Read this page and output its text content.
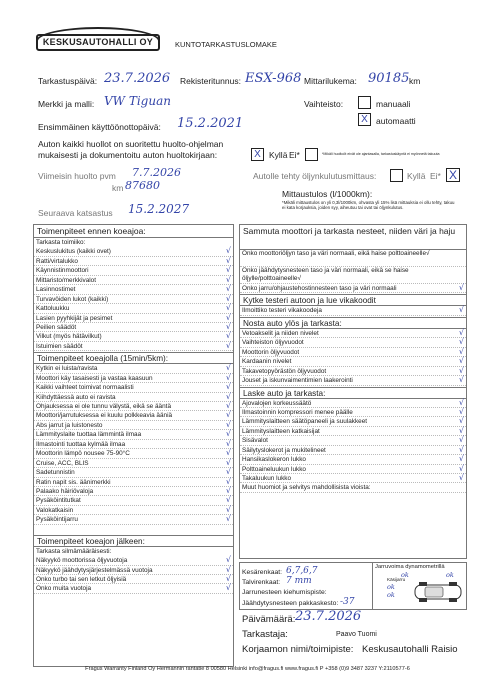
KESKUSAUTOHALLI OY	KUNTOTARKASTUSLOMAKE
Tarkastuspäivä: 23.7.2026 Rekisteritunnus: ESX-968 Mittarilukema: 90185 km
Merkki ja malli: VW Tiguan	Vaihteisto:	manuaali
X automaatti
Ensimmäinen käyttöönottopäivä: 15.2.2021
Auton kaikki huollot on suoritettu huolto-ohjelman
mukaisesti ja dokumentoitu auton huoltokirjaan:	X Kyllä Ei*	*Mikäli huoltoöt eivät ole ajantasalla, tarkastuskäyntä ei myönnetä takuuta
Viimeisin huolto pvm 7.7.2026
km 87680
Autolle tehty öljynkulutusmittaus:	Kyllä Ei* X
Mittaustulos (l/1000km):
*Mikäli mittaustulos on yli 0,3l/1000km, ohvasta yli 15% lisä mittauksia ei ollu tehty, takuu
ei kata korjauksia, joiden syy, aiheutuu tai ovat tai öljynkulutus.
Seuraava katsastus 15.2.2027
Toimenpiteet ennen koeajoa:
Tarkasta toimiiko:
Keskuslukitus (kaikki ovet)	√
Ratti/virtalukko	√
Käynnistinmoottori	√
Mittaristo/merkkivalot	√
Lasinnostimet	√
Turvavöiden lukot (kaikki)	√
Kattoluukku	√
Lasien pyyhkijät ja pesimet	√
Peilien säädöt	√
Vilkut (myös hätävilkut)	√
Istuimien säädöt	√
Toimenpiteet koeajolla (15min/5km):
Kytkin ei luista/ravista	√
Moottori käy tasaisesti ja vastaa kaasuun	√
Kaikki vaihteet toimivat normaalisti	√
Kiihdyttäessä auto ei ravista	√
Ohjauksessa ei ole tunnu välystä, eikä se ääntä	√
Moottori/jarrutuksessa ei kuulu polkkeavia ääniä	√
Abs jarrut ja luistonesto	√
Lämmityslaite tuottaa lämmintä ilmaa	√
Ilmastointi tuottaa kylmää ilmaa	√
Moottorin lämpö nousee 75-90°C	√
Cruise, ACC, BLIS	√
Sadetunnistin	√
Ratin napit sis. äänimerkki	√
Palaako häiriövaloja	√
Pysäköintitutkat	√
Valokatkaisin	√
Pysäköintijarru	√
Toimenpiteet koeajon jälkeen:
Tarkasta silmämääräisesti:
Näkyykö moottorissa öljyvuotoja	√
Näkyykö jäähdytysjärjestelmässä vuotoja	√
Onko turbo tai sen letkut öljyisiä	√
Onko muita vuotoja	√
Sammuta moottori ja tarkasta nesteet, niiden väri ja haju
Onko moottoriöljyn taso ja väri normaali, eikä haise polttoaineelle√
Onko jäähdytysnesteen taso ja väri normaali, eikä se haise öljylle/polttoaineelle√
Onko jarru/ohjaustehostinnesteen taso ja väri normaali	√
Kytke testeri autoon ja lue vikakoodit
Ilmoittiko testeri vikakoodeja	√
Nosta auto ylös ja tarkasta:
Vetoakselit ja niiden nivelet	√
Vaihteiston öljyvuodot	√
Moottorin öljyvuodot	√
Kardaanin nivelet	√
Takavetopyörästön öljyvuodot	√
Jouset ja iskunvaimentimien laakerointi	√
Laske auto ja tarkasta:
Ajovalojen korkeussäätö	√
Ilmastoinnin kompressori menee päälle	√
Lämmityslaitteen säätöpaneeli ja suulakkeet	√
Lämmityslaitteen katkaisijat	√
Sisävalot	√
Säilytyslokerot ja mukitelineet	√
Hansikaslokeron lukko	√
Polttoaineluukun lukko	√
Takaluukun lukko	√
Muut huomiot ja selvitys mahdollisista vioista:
Kesärenkaat: 6,7,6,7
Talvirenkaat: 7 mm
Jarrunesteen kiehumispiste:
Jäähdytysnesteen pakkaskesto: -37
Jarruvoima dynamometrillä
ok	ok
Käsijarru
ok
ok
Päivämäärä: 23.7.2026
Tarkastaja:	Paavo Tuomi
Korjaamon nimi/toimipiste: Keskusautohalli Raisio
Fragus Warranty Finland Oy Hermannin rantatie 8 00580 Helsinki info@fragus.fi www.fragus.fi P +358 (0)9 3487 3237 Y:2110577-6
